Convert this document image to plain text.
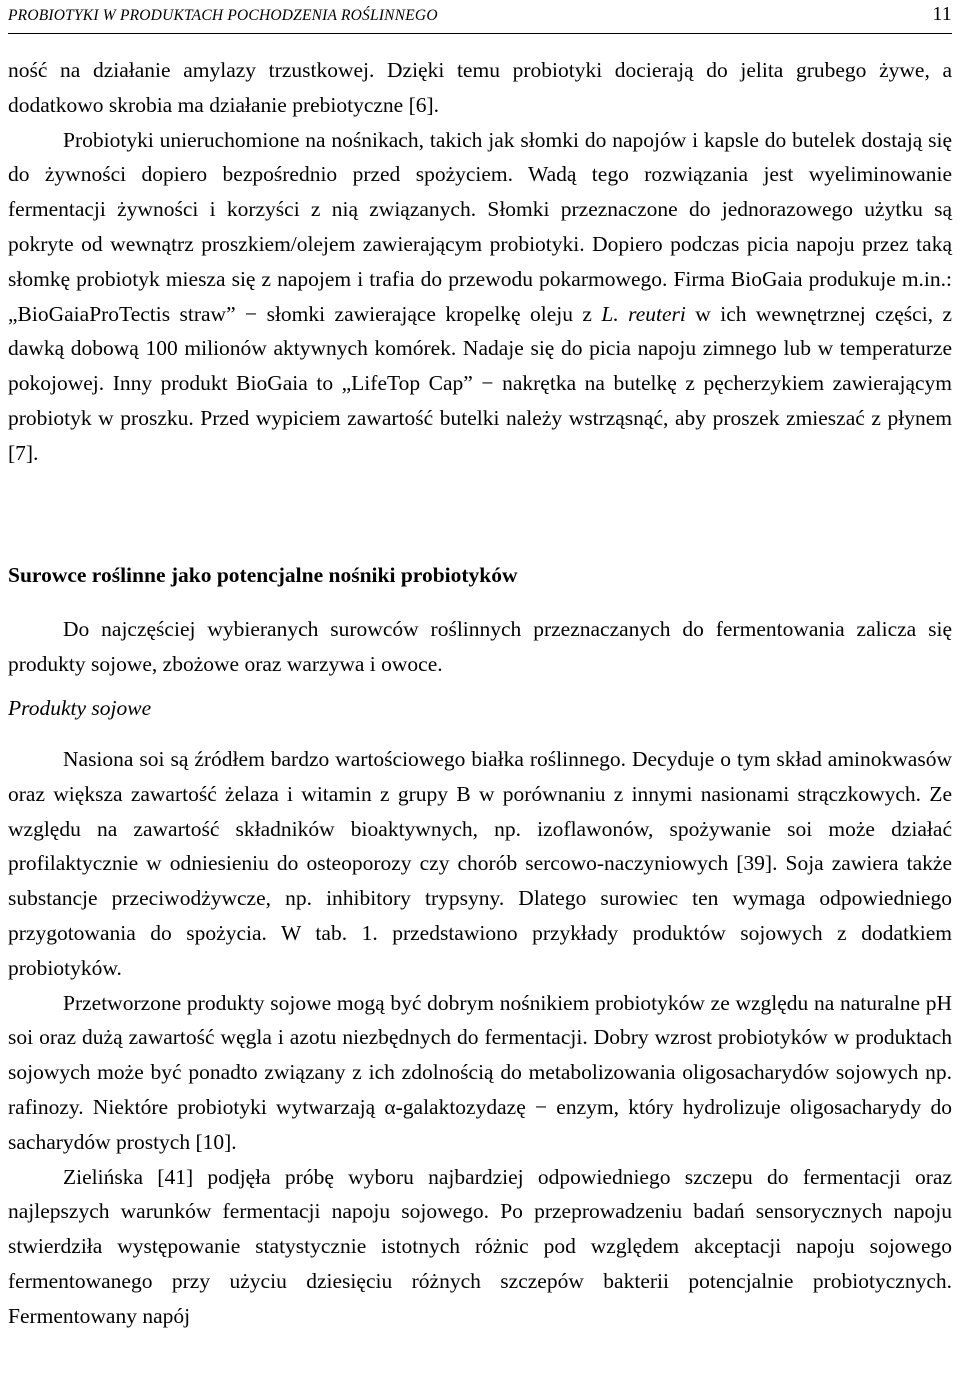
PROBIOTYKI W PRODUKTACH POCHODZENIA ROŚLINNEGO	11

ność na działanie amylazy trzustkowej. Dzięki temu probiotyki docierają do jelita grubego żywe, a dodatkowo skrobia ma działanie prebiotyczne [6].

Probiotyki unieruchomione na nośnikach, takich jak słomki do napojów i kapsle do butelek dostają się do żywności dopiero bezpośrednio przed spożyciem. Wadą tego rozwiązania jest wyeliminowanie fermentacji żywności i korzyści z nią związanych. Słomki przeznaczone do jednorazowego użytku są pokryte od wewnątrz proszkiem/olejem zawierającym probiotyki. Dopiero podczas picia napoju przez taką słomkę probiotyk miesza się z napojem i trafia do przewodu pokarmowego. Firma BioGaia produkuje m.in.: „BioGaiaProTectis straw” − słomki zawierające kropelkę oleju z L. reuteri w ich wewnętrznej części, z dawką dobową 100 milionów aktywnych komórek. Nadaje się do picia napoju zimnego lub w temperaturze pokojowej. Inny produkt BioGaia to „LifeTop Cap” − nakrętka na butelkę z pęcherzykiem zawierającym probiotyk w proszku. Przed wypiciem zawartość butelki należy wstrząsnąć, aby proszek zmieszać z płynem [7].

Surowce roślinne jako potencjalne nośniki probiotyków

Do najczęściej wybieranych surowców roślinnych przeznaczanych do fermentowania zalicza się produkty sojowe, zbożowe oraz warzywa i owoce.

Produkty sojowe

Nasiona soi są źródłem bardzo wartościowego białka roślinnego. Decyduje o tym skład aminokwasów oraz większa zawartość żelaza i witamin z grupy B w porównaniu z innymi nasionami strączkowych. Ze względu na zawartość składników bioaktywnych, np. izoflawonów, spożywanie soi może działać profilaktycznie w odniesieniu do osteoporozy czy chorób sercowo-naczyniowych [39]. Soja zawiera także substancje przeciwodżywcze, np. inhibitory trypsyny. Dlatego surowiec ten wymaga odpowiedniego przygotowania do spożycia. W tab. 1. przedstawiono przykłady produktów sojowych z dodatkiem probiotyków.

Przetworzone produkty sojowe mogą być dobrym nośnikiem probiotyków ze względu na naturalne pH soi oraz dużą zawartość węgla i azotu niezbędnych do fermentacji. Dobry wzrost probiotyków w produktach sojowych może być ponadto związany z ich zdolnością do metabolizowania oligosacharydów sojowych np. rafinozy. Niektóre probiotyki wytwarzają α-galaktozydazę − enzym, który hydrolizuje oligosacharydy do sacharydów prostych [10].

Zielińska [41] podjęła próbę wyboru najbardziej odpowiedniego szczepu do fermentacji oraz najlepszych warunków fermentacji napoju sojowego. Po przeprowadzeniu badań sensorycznych napoju stwierdziła występowanie statystycznie istotnych różnic pod względem akceptacji napoju sojowego fermentowanego przy użyciu dziesięciu różnych szczepów bakterii potencjalnie probiotycznych. Fermentowany napój
